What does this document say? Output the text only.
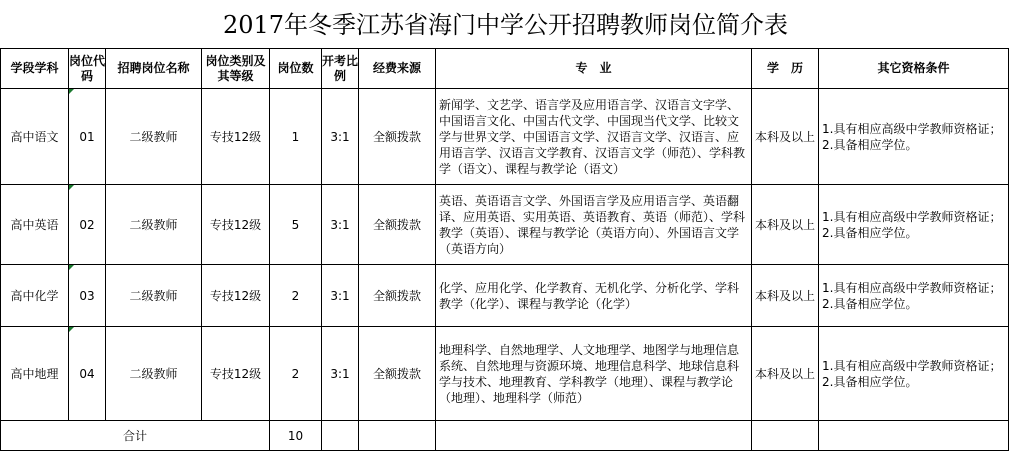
2017年冬季江苏省海门中学公开招聘教师岗位简介表
学段学科	岗位代码	招聘岗位名称	岗位类别及其等级	岗位数	开考比例	经费来源	专　业	学　历	其它资格条件
高中语文	01	二级教师	专技12级	1	3:1	全额拨款	新闻学、文艺学、语言学及应用语言学、汉语言文字学、中国语言文化、中国古代文学、中国现当代文学、比较文学与世界文学、中国语言文学、汉语言文学、汉语言、应用语言学、汉语言文学教育、汉语言文学（师范）、学科教学（语文）、课程与教学论（语文）	本科及以上	1.具有相应高级中学教师资格证；
2.具备相应学位。

高中英语	02	二级教师	专技12级	5	3:1	全额拨款	英语、英语语言文学、外国语言学及应用语言学、英语翻译、应用英语、实用英语、英语教育、英语（师范）、学科教学（英语）、课程与教学论（英语方向）、外国语言文学（英语方向）	本科及以上	1.具有相应高级中学教师资格证；
2.具备相应学位。

高中化学	03	二级教师	专技12级	2	3:1	全额拨款	化学、应用化学、化学教育、无机化学、分析化学、学科教学（化学）、课程与教学论（化学）	本科及以上	1.具有相应高级中学教师资格证；
2.具备相应学位。

高中地理	04	二级教师	专技12级	2	3:1	全额拨款	地理科学、自然地理学、人文地理学、地图学与地理信息系统、自然地理与资源环境、地理信息科学、地球信息科学与技术、地理教育、学科教学（地理）、课程与教学论（地理）、地理科学（师范）	本科及以上	1.具有相应高级中学教师资格证；
2.具备相应学位。

合计				10					
